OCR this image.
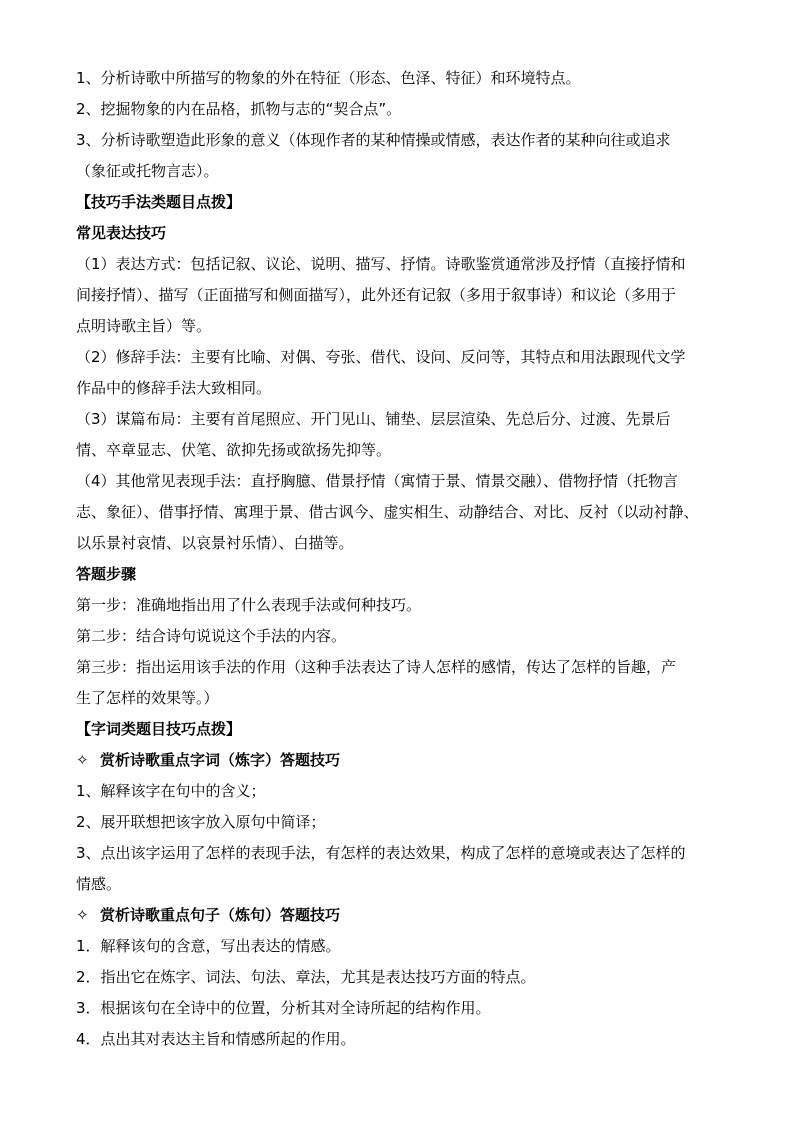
1、分析诗歌中所描写的物象的外在特征（形态、色泽、特征）和环境特点。

2、挖掘物象的内在品格，抓物与志的“契合点”。

3、分析诗歌塑造此形象的意义（体现作者的某种情操或情感，表达作者的某种向往或追求

（象征或托物言志）。

【技巧手法类题目点拨】

常见表达技巧

（1）表达方式：包括记叙、议论、说明、描写、抒情。诗歌鉴赏通常涉及抒情（直接抒情和

间接抒情）、描写（正面描写和侧面描写），此外还有记叙（多用于叙事诗）和议论（多用于

点明诗歌主旨）等。

（2）修辞手法：主要有比喻、对偶、夸张、借代、设问、反问等，其特点和用法跟现代文学

作品中的修辞手法大致相同。

（3）谋篇布局：主要有首尾照应、开门见山、铺垫、层层渲染、先总后分、过渡、先景后

情、卒章显志、伏笔、欲抑先扬或欲扬先抑等。

（4）其他常见表现手法：直抒胸臆、借景抒情（寓情于景、情景交融）、借物抒情（托物言

志、象征）、借事抒情、寓理于景、借古讽今、虚实相生、动静结合、对比、反衬（以动衬静、

以乐景衬哀情、以哀景衬乐情）、白描等。

答题步骤

第一步：准确地指出用了什么表现手法或何种技巧。

第二步：结合诗句说说这个手法的内容。

第三步：指出运用该手法的作用（这种手法表达了诗人怎样的感情，传达了怎样的旨趣，产

生了怎样的效果等。）

【字词类题目技巧点拨】

✧ 赏析诗歌重点字词（炼字）答题技巧

1、解释该字在句中的含义；

2、展开联想把该字放入原句中简译；

3、点出该字运用了怎样的表现手法，有怎样的表达效果，构成了怎样的意境或表达了怎样的

情感。

✧ 赏析诗歌重点句子（炼句）答题技巧

1．解释该句的含意，写出表达的情感。

2．指出它在炼字、词法、句法、章法，尤其是表达技巧方面的特点。

3．根据该句在全诗中的位置，分析其对全诗所起的结构作用。

4．点出其对表达主旨和情感所起的作用。
